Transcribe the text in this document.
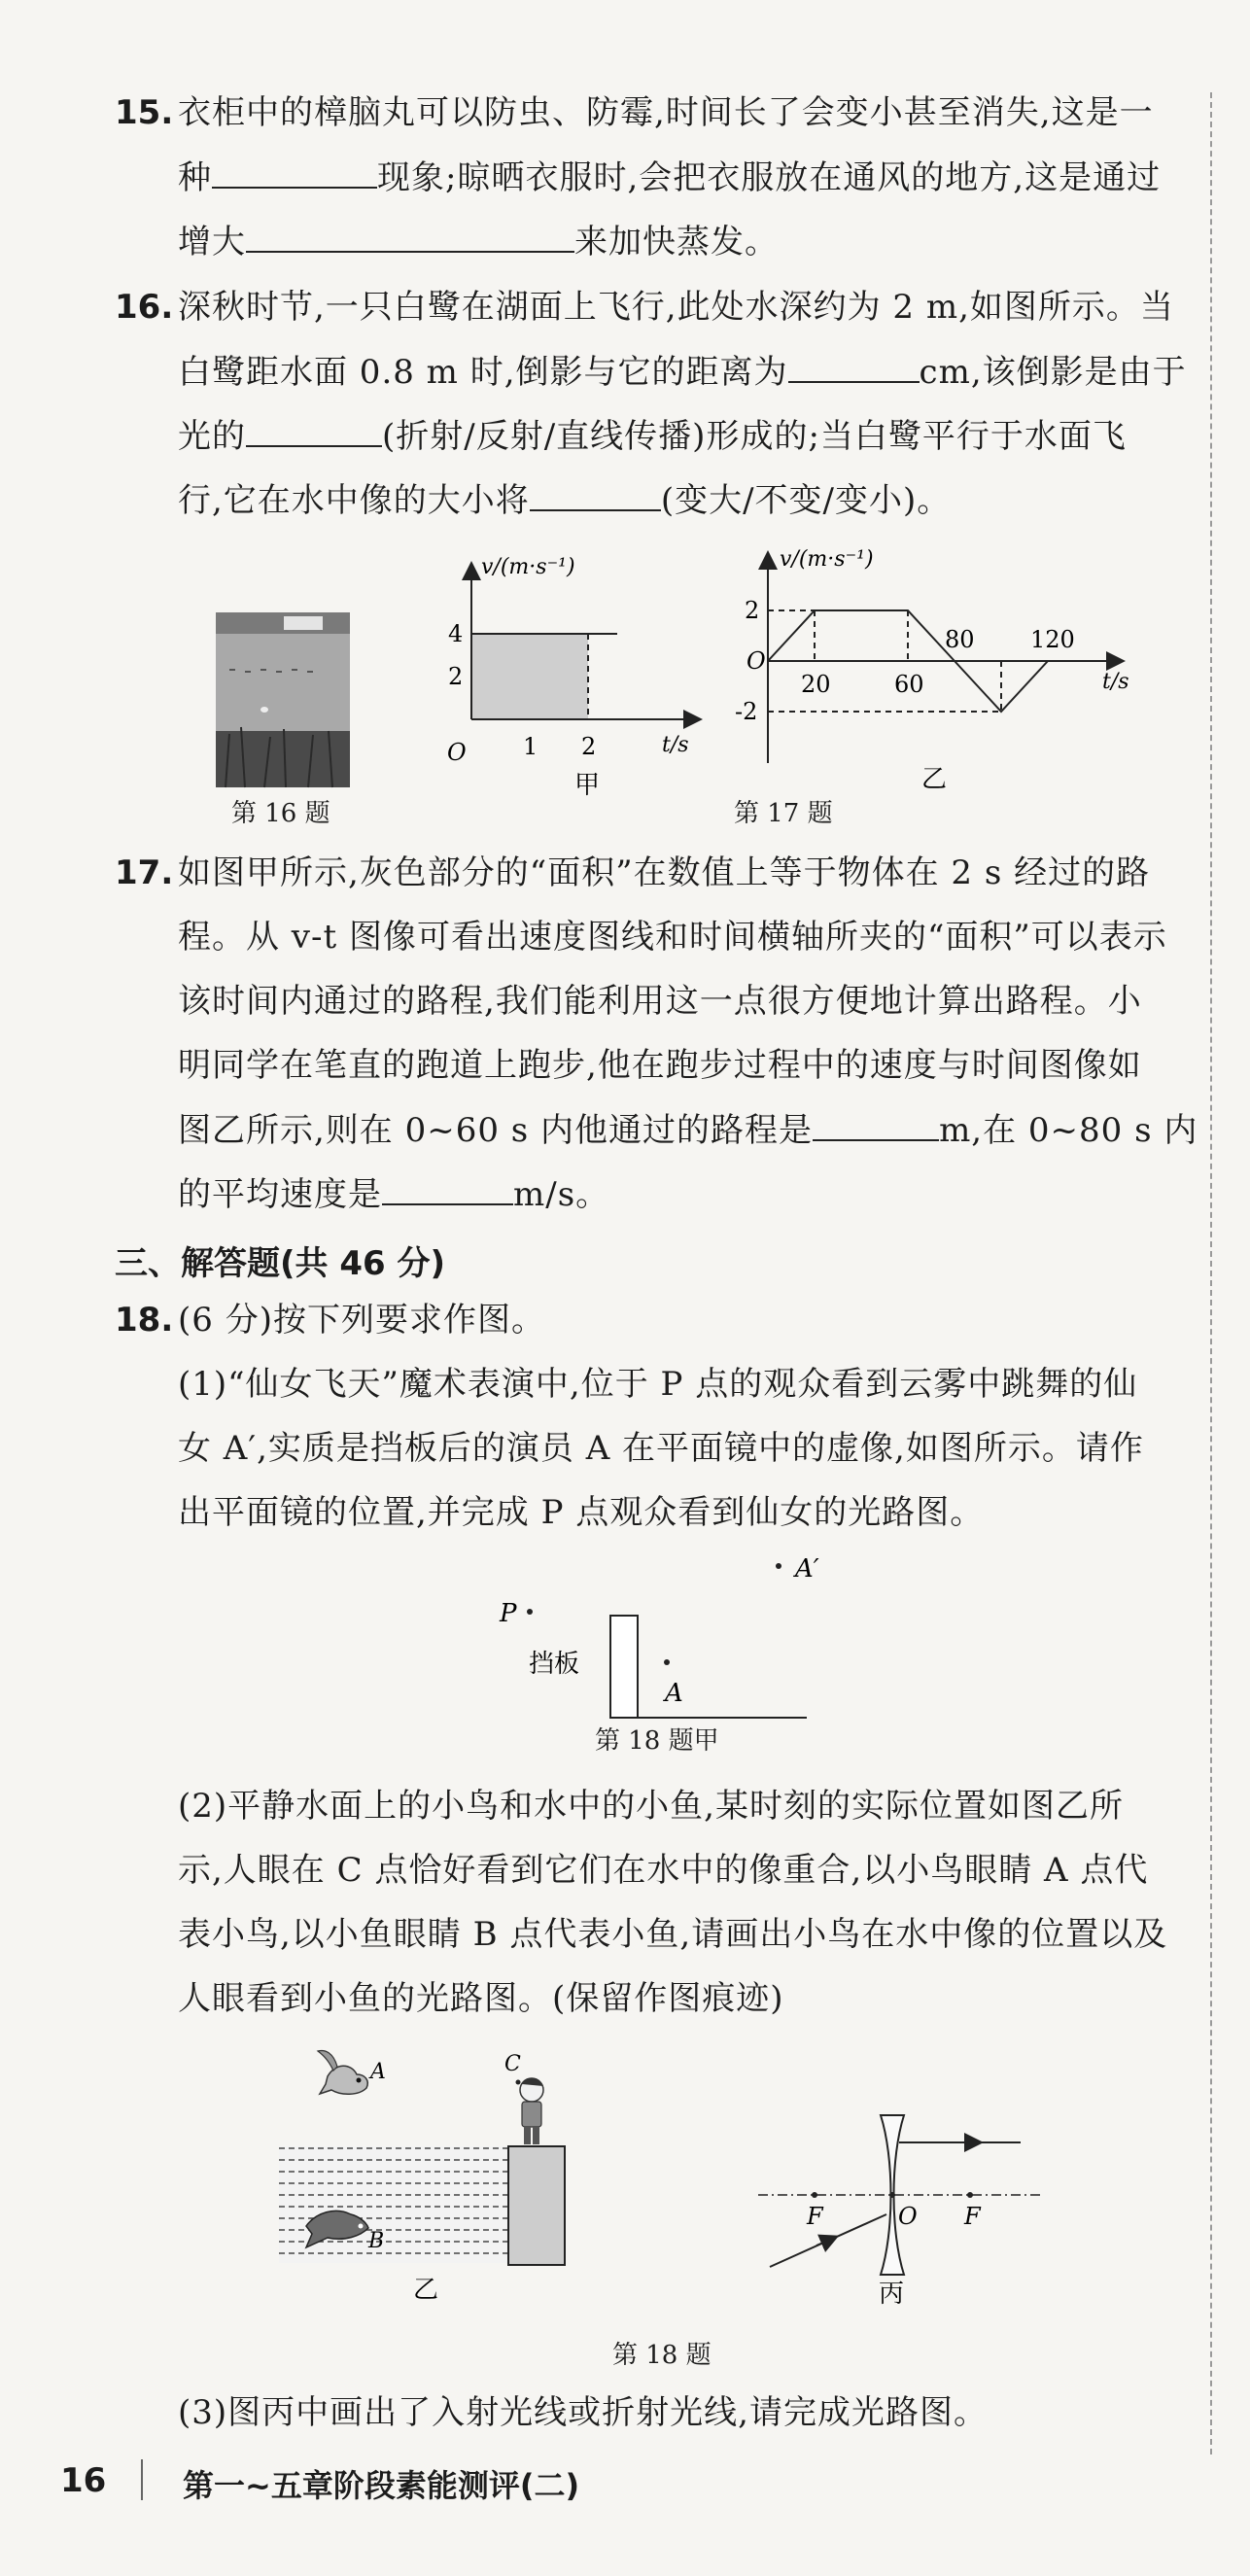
15. 衣柜中的樟脑丸可以防虫、防霉,时间长了会变小甚至消失,这是一
种	现象;晾晒衣服时,会把衣服放在通风的地方,这是通过
增大	来加快蒸发。
16. 深秋时节,一只白鹭在湖面上飞行,此处水深约为 2 m,如图所示。当
白鹭距水面 0.8 m 时,倒影与它的距离为	cm,该倒影是由于
光的	(折射/反射/直线传播)形成的;当白鹭平行于水面飞
行,它在水中像的大小将	(变大/不变/变小)。
第 16 题
v/(m·s⁻¹)
t/s
O
2
4
1 2
甲
v/(m·s⁻¹)
t/s
O
2
-2
20	60
80 120
乙
第 17 题
17. 如图甲所示,灰色部分的“面积”在数值上等于物体在 2 s 经过的路
程。从 v-t 图像可看出速度图线和时间横轴所夹的“面积”可以表示
该时间内通过的路程,我们能利用这一点很方便地计算出路程。小
明同学在笔直的跑道上跑步,他在跑步过程中的速度与时间图像如
图乙所示,则在 0~60 s 内他通过的路程是	m,在 0~80 s 内
的平均速度是	m/s。
三、解答题(共 46 分)
18. (6 分)按下列要求作图。
(1)“仙女飞天”魔术表演中,位于 P 点的观众看到云雾中跳舞的仙
女 A′,实质是挡板后的演员 A 在平面镜中的虚像,如图所示。请作
出平面镜的位置,并完成 P 点观众看到仙女的光路图。
A′
P
挡板
A
第 18 题甲
(2)平静水面上的小鸟和水中的小鱼,某时刻的实际位置如图乙所
示,人眼在 C 点恰好看到它们在水中的像重合,以小鸟眼睛 A 点代
表小鸟,以小鱼眼睛 B 点代表小鱼,请画出小鸟在水中像的位置以及
人眼看到小鱼的光路图。(保留作图痕迹)
A
B
C
乙
F	O F
丙
第 18 题
(3)图丙中画出了入射光线或折射光线,请完成光路图。
16 第一~五章阶段素能测评(二)
